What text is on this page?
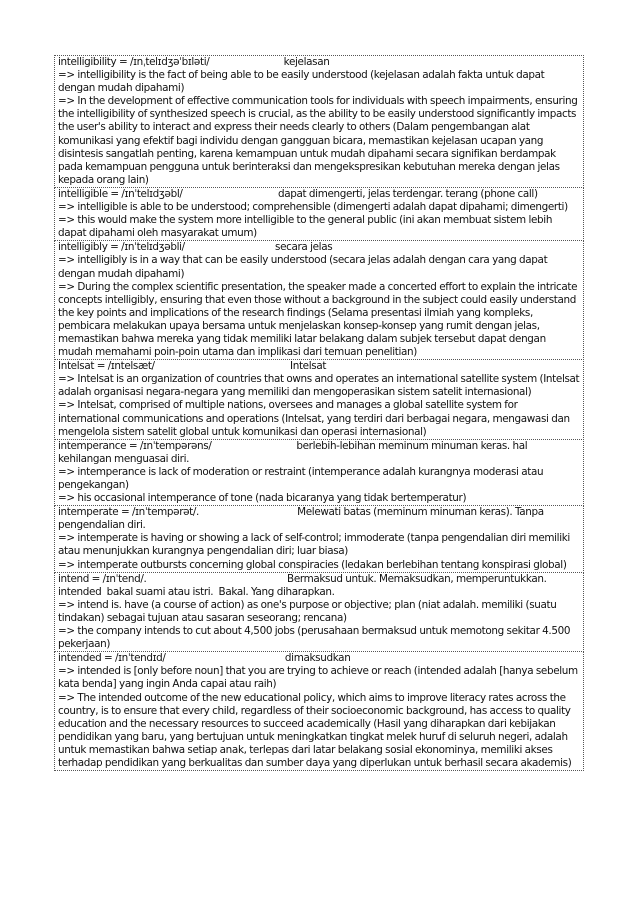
intelligibility = /ɪnˌtelɪdʒəˈbɪləti/                            kejelasan
=> intelligibility is the fact of being able to be easily understood (kejelasan adalah fakta untuk dapat dengan mudah dipahami)
=> In the development of effective communication tools for individuals with speech impairments, ensuring the intelligibility of synthesized speech is crucial, as the ability to be easily understood significantly impacts the user's ability to interact and express their needs clearly to others (Dalam pengembangan alat komunikasi yang efektif bagi individu dengan gangguan bicara, memastikan kejelasan ucapan yang disintesis sangatlah penting, karena kemampuan untuk mudah dipahami secara signifikan berdampak pada kemampuan pengguna untuk berinteraksi dan mengekspresikan kebutuhan mereka dengan jelas kepada orang lain)
intelligible = /ɪnˈtelɪdʒəbl/                                    dapat dimengerti, jelas terdengar. terang (phone call)
=> intelligible is able to be understood; comprehensible (dimengerti adalah dapat dipahami; dimengerti)
=> this would make the system more intelligible to the general public (ini akan membuat sistem lebih dapat dipahami oleh masyarakat umum)
intelligibly = /ɪnˈtelɪdʒəbli/                                  secara jelas
=> intelligibly is in a way that can be easily understood (secara jelas adalah dengan cara yang dapat dengan mudah dipahami)
=> During the complex scientific presentation, the speaker made a concerted effort to explain the intricate concepts intelligibly, ensuring that even those without a background in the subject could easily understand the key points and implications of the research findings (Selama presentasi ilmiah yang kompleks, pembicara melakukan upaya bersama untuk menjelaskan konsep-konsep yang rumit dengan jelas, memastikan bahwa mereka yang tidak memiliki latar belakang dalam subjek tersebut dapat dengan mudah memahami poin-poin utama dan implikasi dari temuan penelitian)
Intelsat = /ɪntelsæt/                                                   Intelsat
=> Intelsat is an organization of countries that owns and operates an international satellite system (Intelsat adalah organisasi negara-negara yang memiliki dan mengoperasikan sistem satelit internasional)
=> Intelsat, comprised of multiple nations, oversees and manages a global satellite system for international communications and operations (Intelsat, yang terdiri dari berbagai negara, mengawasi dan mengelola sistem satelit global untuk komunikasi dan operasi internasional)
intemperance = /ɪnˈtempərəns/                                berlebih-lebihan meminum minuman keras. hal kehilangan menguasai diri.
=> intemperance is lack of moderation or restraint (intemperance adalah kurangnya moderasi atau pengekangan)
=> his occasional intemperance of tone (nada bicaranya yang tidak bertemperatur)
intemperate = /ɪnˈtempərət/.                                     Melewati batas (meminum minuman keras). Tanpa pengendalian diri.
=> intemperate is having or showing a lack of self-control; immoderate (tanpa pengendalian diri memiliki atau menunjukkan kurangnya pengendalian diri; luar biasa)
=> intemperate outbursts concerning global conspiracies (ledakan berlebihan tentang konspirasi global)
intend = /ɪnˈtend/.                                                     Bermaksud untuk. Memaksudkan, memperuntukkan. intended  bakal suami atau istri.  Bakal. Yang diharapkan.
=> intend is. have (a course of action) as one's purpose or objective; plan (niat adalah. memiliki (suatu tindakan) sebagai tujuan atau sasaran seseorang; rencana)
=> the company intends to cut about 4,500 jobs (perusahaan bermaksud untuk memotong sekitar 4.500 pekerjaan)
intended = /ɪnˈtendɪd/                                             dimaksudkan
=> intended is [only before noun] that you are trying to achieve or reach (intended adalah [hanya sebelum kata benda] yang ingin Anda capai atau raih)
=> The intended outcome of the new educational policy, which aims to improve literacy rates across the country, is to ensure that every child, regardless of their socioeconomic background, has access to quality education and the necessary resources to succeed academically (Hasil yang diharapkan dari kebijakan pendidikan yang baru, yang bertujuan untuk meningkatkan tingkat melek huruf di seluruh negeri, adalah untuk memastikan bahwa setiap anak, terlepas dari latar belakang sosial ekonominya, memiliki akses terhadap pendidikan yang berkualitas dan sumber daya yang diperlukan untuk berhasil secara akademis)
